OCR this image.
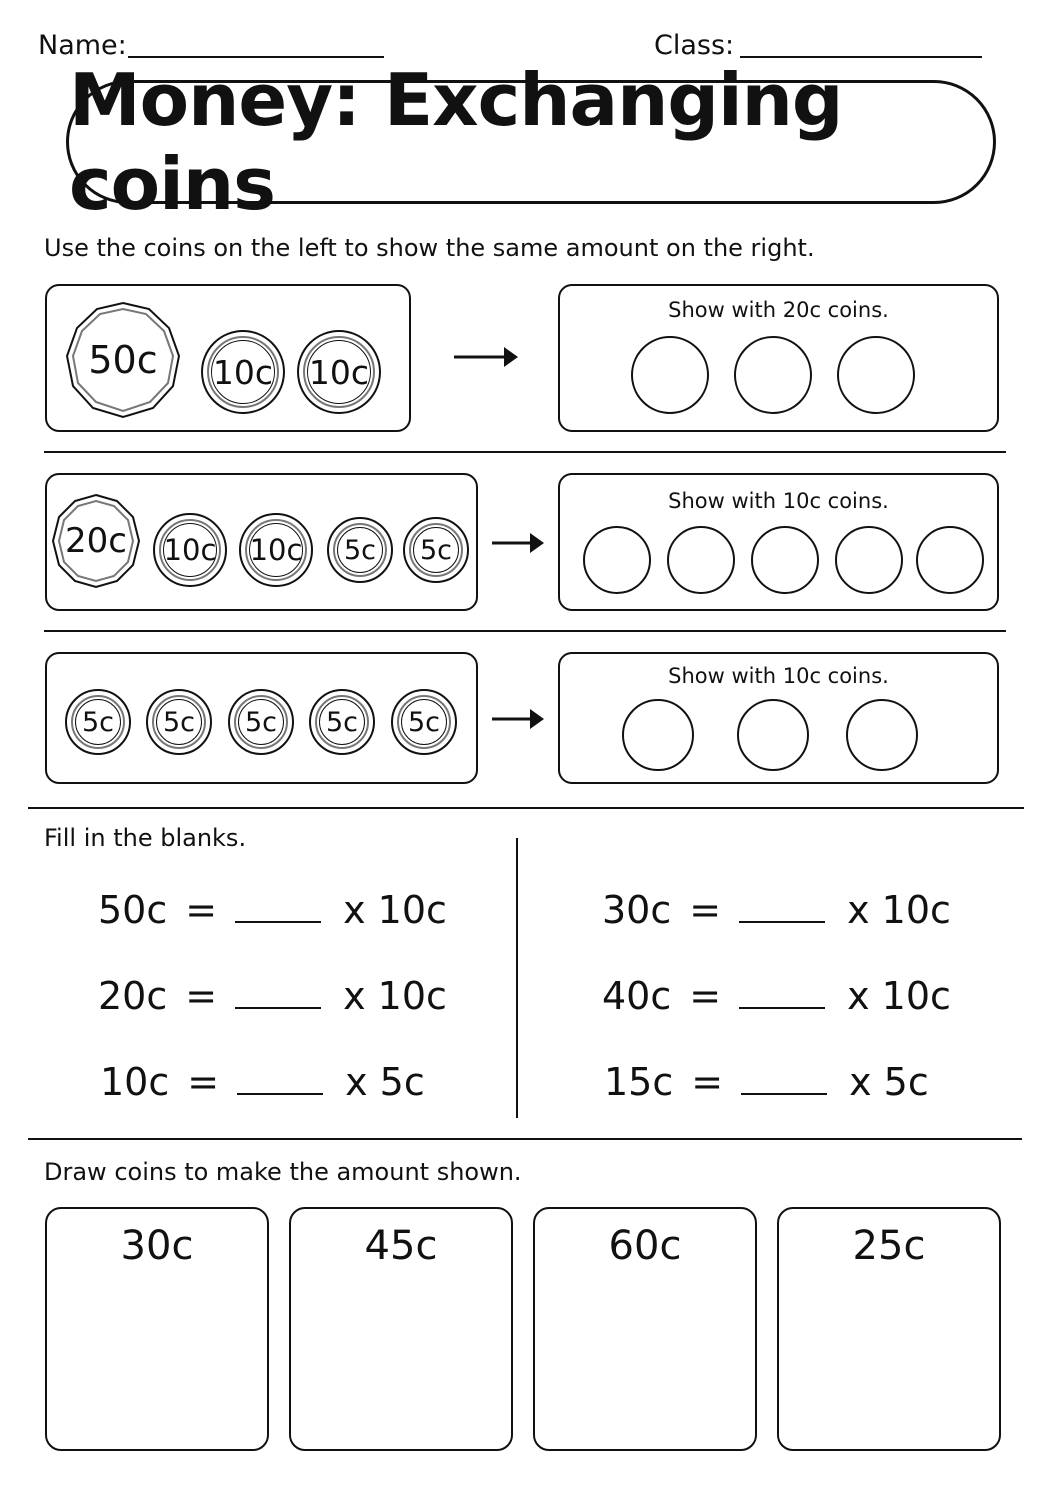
Name:	Class:
Money: Exchanging coins
Use the coins on the left to show the same amount on the right.
50c 10c 10c
Show with 20c coins.
20c 10c 10c 5c 5c
Show with 10c coins.
5c 5c 5c 5c 5c
Show with 10c coins.
Fill in the blanks.
50c =	x 10c
20c =	x 10c
10c =	x 5c
30c =	x 10c
40c =	x 10c
15c =	x 5c
Draw coins to make the amount shown.
30c	45c	60c	25c
